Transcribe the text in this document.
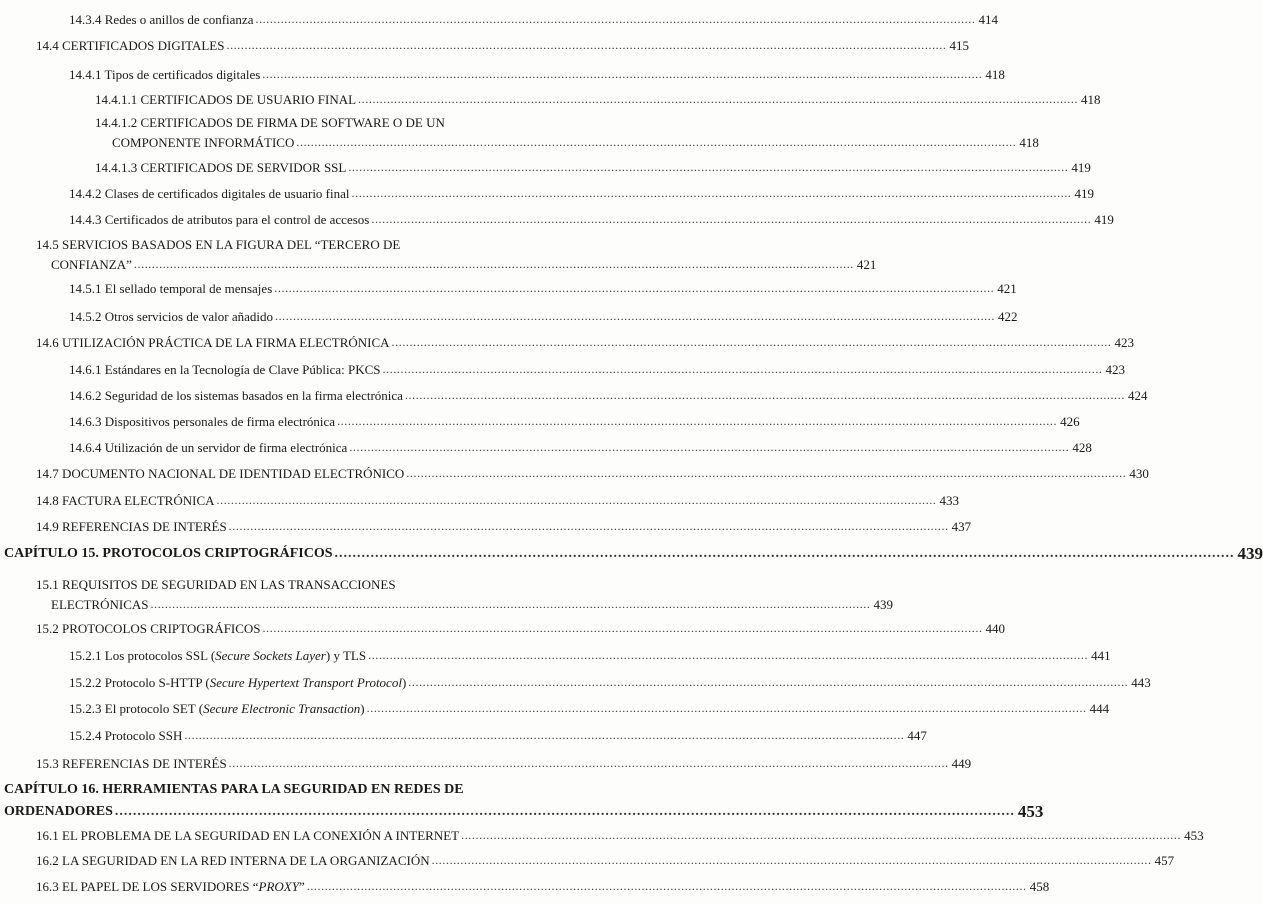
14.3.4 Redes o anillos de confianza ........................................................................................................................................................................................................ 414
14.4 CERTIFICADOS DIGITALES ........................................................................................................................................................................................................ 415
14.4.1 Tipos de certificados digitales ........................................................................................................................................................................................................ 418
14.4.1.1 CERTIFICADOS DE USUARIO FINAL ........................................................................................................................................................................................................ 418
14.4.1.2 CERTIFICADOS DE FIRMA DE SOFTWARE O DE UN
COMPONENTE INFORMÁTICO ........................................................................................................................................................................................................ 418
14.4.1.3 CERTIFICADOS DE SERVIDOR SSL ........................................................................................................................................................................................................ 419
14.4.2 Clases de certificados digitales de usuario final ........................................................................................................................................................................................................ 419
14.4.3 Certificados de atributos para el control de accesos ........................................................................................................................................................................................................ 419
14.5 SERVICIOS BASADOS EN LA FIGURA DEL “TERCERO DE
CONFIANZA” ........................................................................................................................................................................................................ 421
14.5.1 El sellado temporal de mensajes ........................................................................................................................................................................................................ 421
14.5.2 Otros servicios de valor añadido ........................................................................................................................................................................................................ 422
14.6 UTILIZACIÓN PRÁCTICA DE LA FIRMA ELECTRÓNICA ........................................................................................................................................................................................................ 423
14.6.1 Estándares en la Tecnología de Clave Pública: PKCS ........................................................................................................................................................................................................ 423
14.6.2 Seguridad de los sistemas basados en la firma electrónica ........................................................................................................................................................................................................ 424
14.6.3 Dispositivos personales de firma electrónica ........................................................................................................................................................................................................ 426
14.6.4 Utilización de un servidor de firma electrónica ........................................................................................................................................................................................................ 428
14.7 DOCUMENTO NACIONAL DE IDENTIDAD ELECTRÓNICO ........................................................................................................................................................................................................ 430
14.8 FACTURA ELECTRÓNICA ........................................................................................................................................................................................................ 433
14.9 REFERENCIAS DE INTERÉS ........................................................................................................................................................................................................ 437
CAPÍTULO 15. PROTOCOLOS CRIPTOGRÁFICOS ........................................................................................................................................................................................................ 439
15.1 REQUISITOS DE SEGURIDAD EN LAS TRANSACCIONES
ELECTRÓNICAS ........................................................................................................................................................................................................ 439
15.2 PROTOCOLOS CRIPTOGRÁFICOS ........................................................................................................................................................................................................ 440
15.2.1 Los protocolos SSL (Secure Sockets Layer) y TLS ........................................................................................................................................................................................................ 441
15.2.2 Protocolo S-HTTP (Secure Hypertext Transport Protocol) ........................................................................................................................................................................................................ 443
15.2.3 El protocolo SET (Secure Electronic Transaction) ........................................................................................................................................................................................................ 444
15.2.4 Protocolo SSH ........................................................................................................................................................................................................ 447
15.3 REFERENCIAS DE INTERÉS ........................................................................................................................................................................................................ 449
CAPÍTULO 16. HERRAMIENTAS PARA LA SEGURIDAD EN REDES DE
ORDENADORES ........................................................................................................................................................................................................ 453
16.1 EL PROBLEMA DE LA SEGURIDAD EN LA CONEXIÓN A INTERNET ........................................................................................................................................................................................................ 453
16.2 LA SEGURIDAD EN LA RED INTERNA DE LA ORGANIZACIÓN ........................................................................................................................................................................................................ 457
16.3 EL PAPEL DE LOS SERVIDORES “PROXY” ........................................................................................................................................................................................................ 458
